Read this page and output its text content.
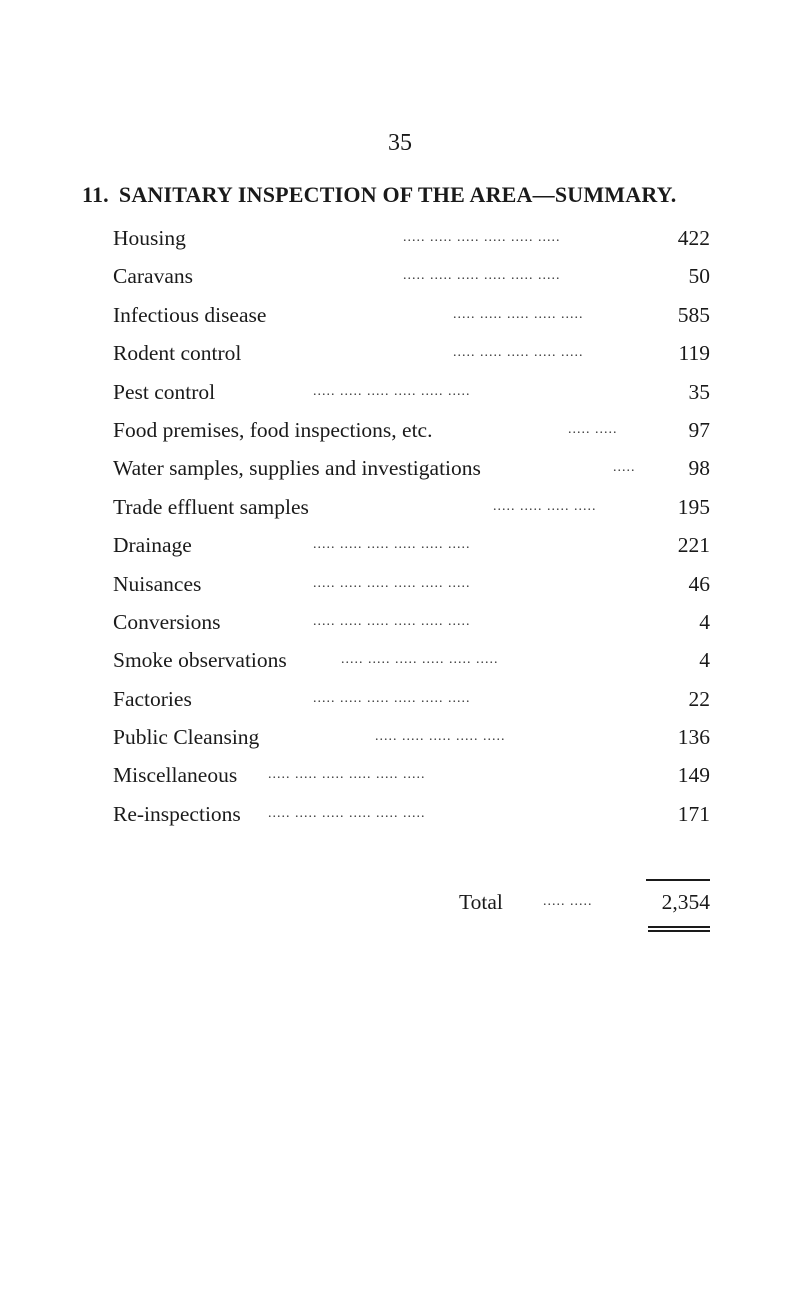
35
11. SANITARY INSPECTION OF THE AREA—SUMMARY.
Housing	..... ..... ..... ..... ..... .....	422
Caravans	..... ..... ..... ..... ..... .....	50
Infectious disease	..... ..... ..... ..... .....	585
Rodent control	..... ..... ..... ..... .....	119
Pest control	..... ..... ..... ..... ..... .....	35
Food premises, food inspections, etc.	..... .....	97
Water samples, supplies and investigations	.....	98
Trade effluent samples	..... ..... ..... .....	195
Drainage	..... ..... ..... ..... ..... .....	221
Nuisances	..... ..... ..... ..... ..... .....	46
Conversions	..... ..... ..... ..... ..... .....	4
Smoke observations	..... ..... ..... ..... ..... .....	4
Factories	..... ..... ..... ..... ..... .....	22
Public Cleansing	..... ..... ..... ..... .....	136
Miscellaneous ..... ..... ..... ..... ..... .....	149
Re-inspections ..... ..... ..... ..... ..... .....	171
Total	..... .....	2,354
